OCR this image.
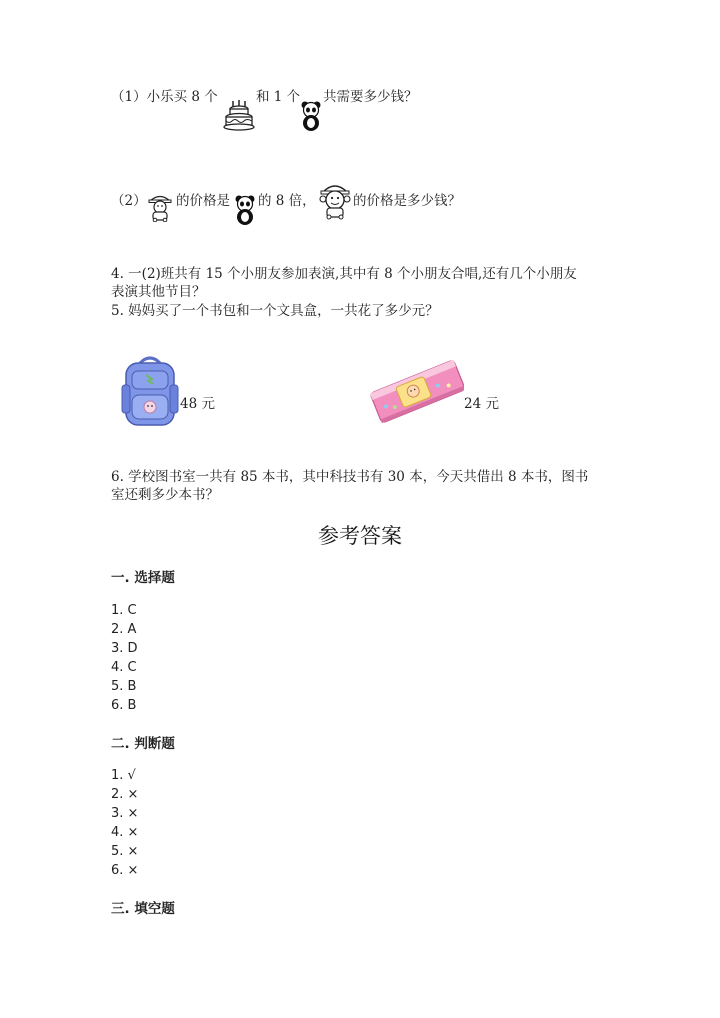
（1）小乐买 8 个	和 1 个 共需要多少钱？
（2） 的价格是 的 8 倍，	的价格是多少钱？
4. 一(2)班共有 15 个小朋友参加表演,其中有 8 个小朋友合唱,还有几个小朋友
表演其他节目？
5. 妈妈买了一个书包和一个文具盒，一共花了多少元？
48 元	24 元
6. 学校图书室一共有 85 本书，其中科技书有 30 本，今天共借出 8 本书，图书
室还剩多少本书？
参考答案
一. 选择题
1. C
2. A
3. D
4. C
5. B
6. B
二. 判断题
1. √
2. ×
3. ×
4. ×
5. ×
6. ×
三. 填空题
